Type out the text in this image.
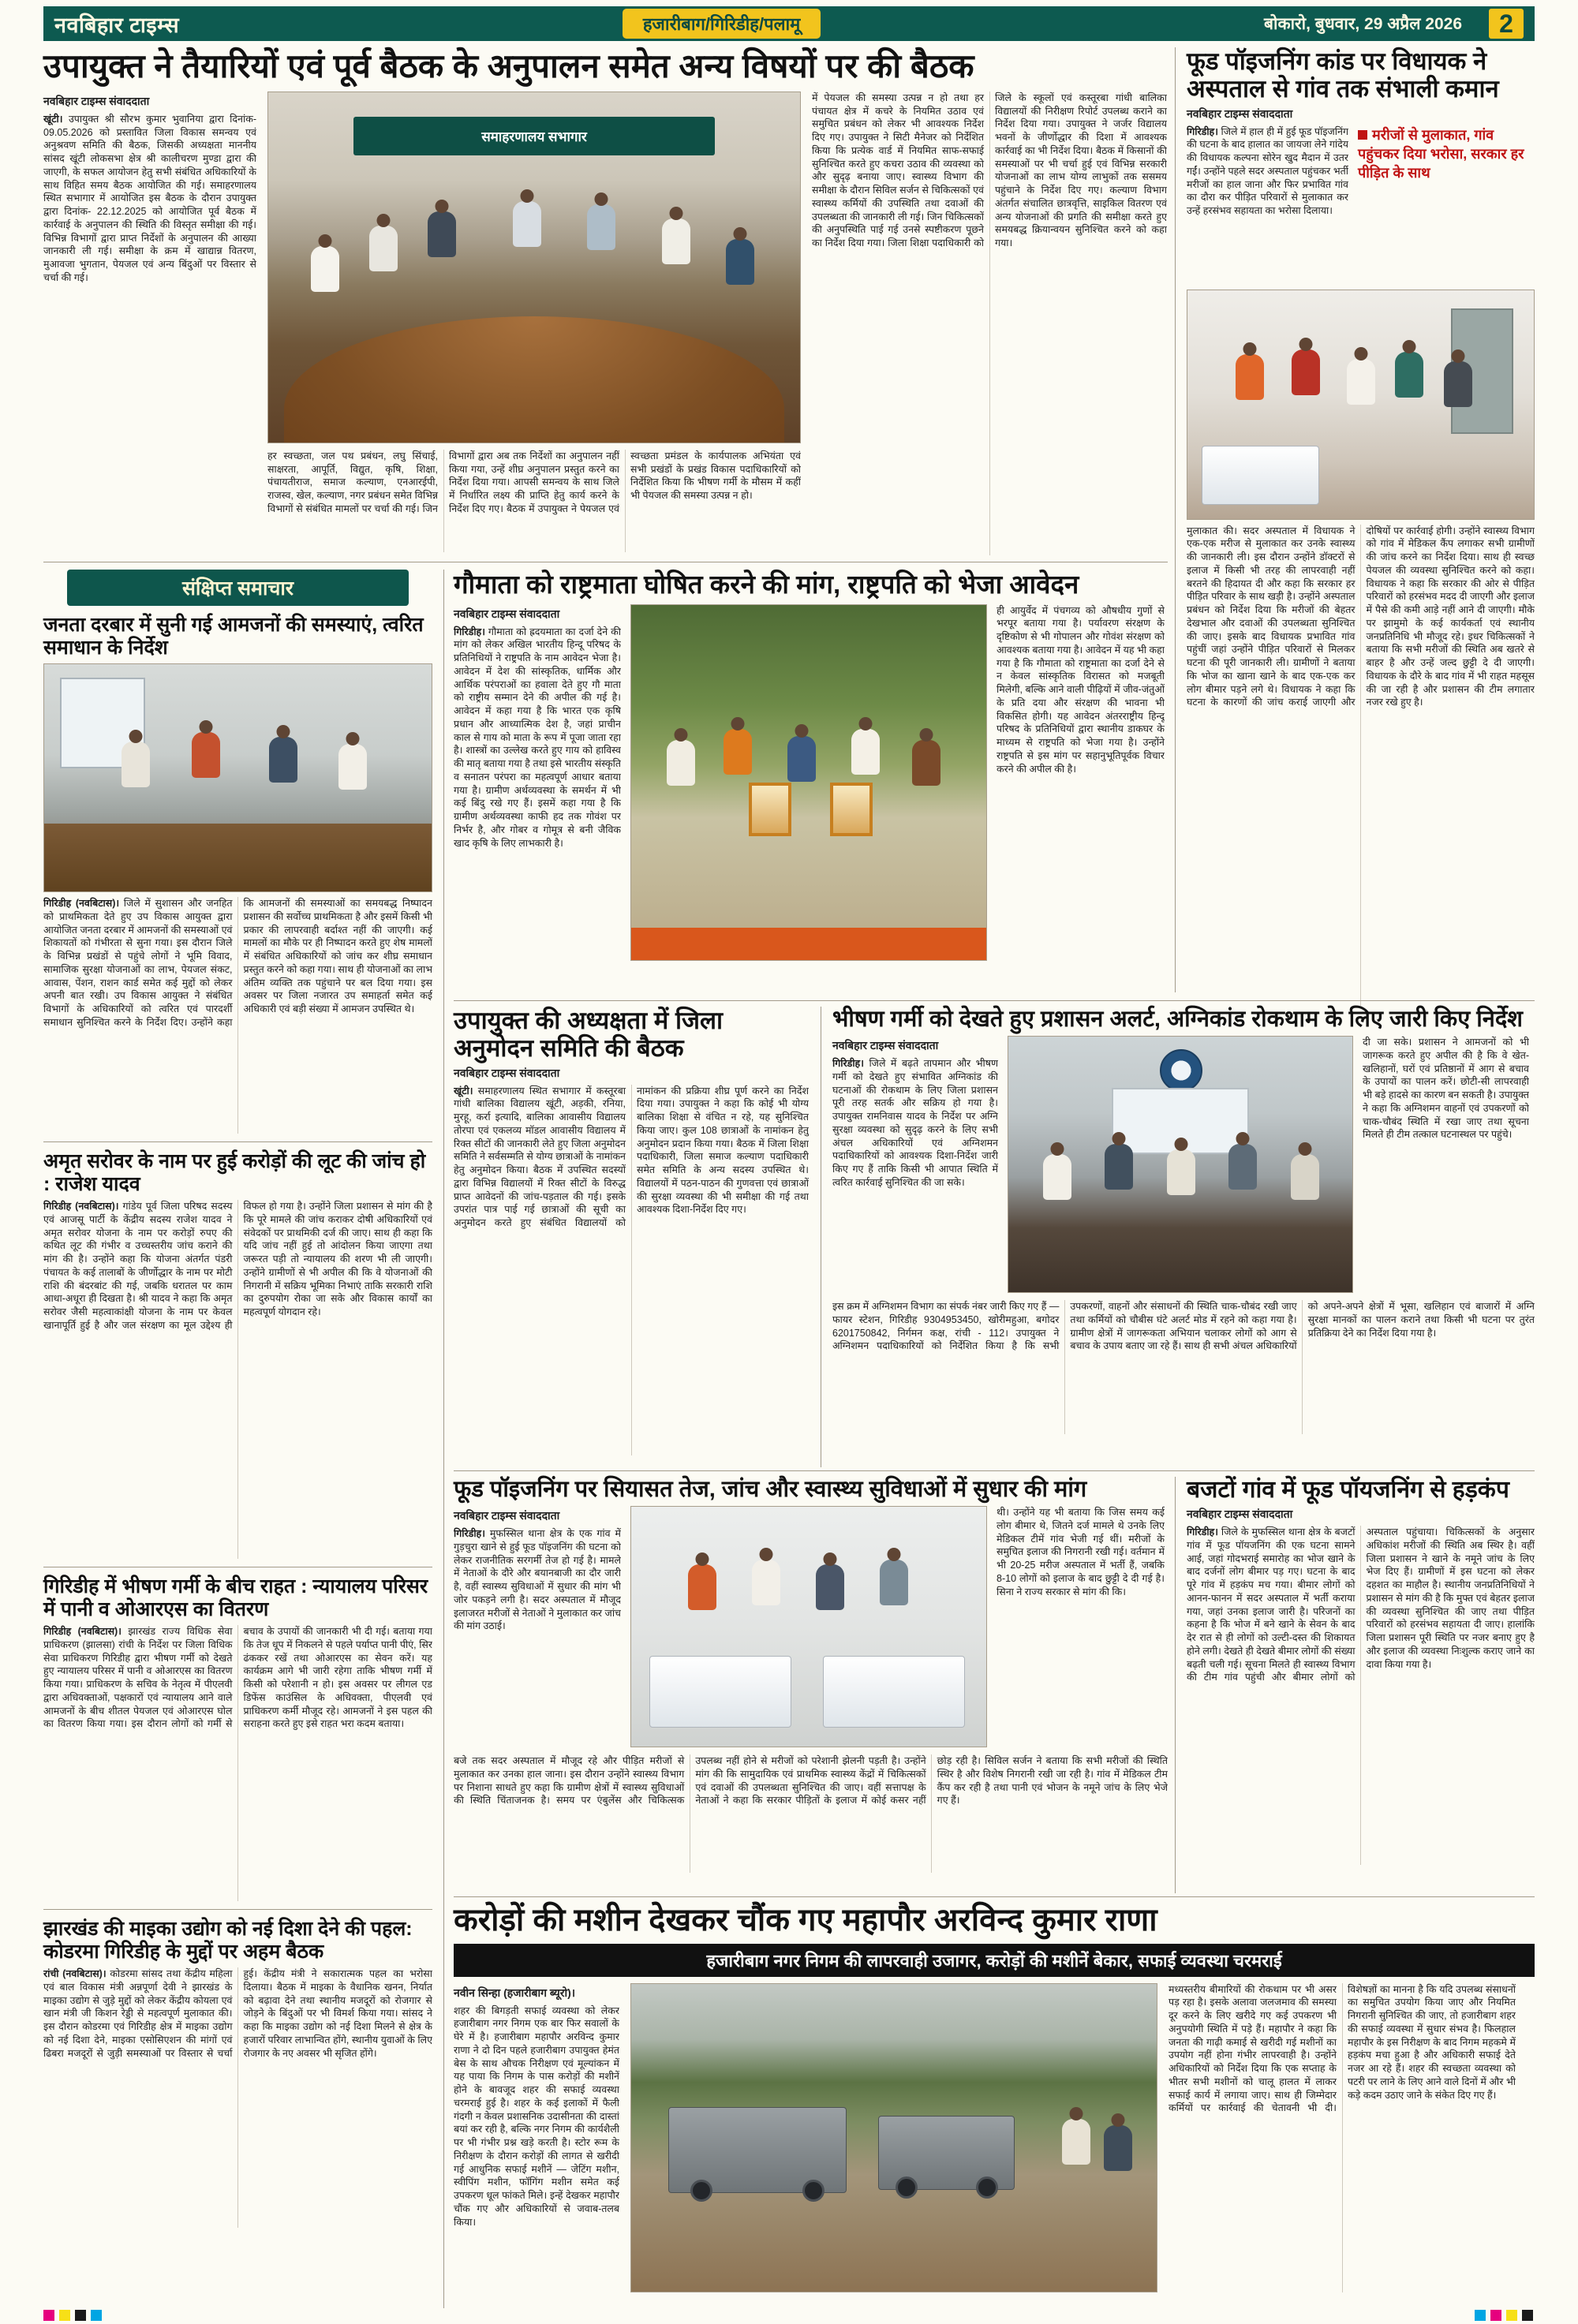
नवबिहार टाइम्स	हजारीबाग/गिरिडीह/पलामू	बोकारो, बुधवार, 29 अप्रैल 2026	2
उपायुक्त ने तैयारियों एवं पूर्व बैठक के अनुपालन समेत अन्य विषयों पर की बैठक
नवबिहार टाइम्स संवाददाता

खूंटी। उपायुक्त श्री सौरभ कुमार भुवानिया द्वारा दिनांक- 09.05.2026 को प्रस्तावित जिला विकास समन्वय एवं अनुश्रवण समिति की बैठक, जिसकी अध्यक्षता माननीय सांसद खूंटी लोकसभा क्षेत्र श्री कालीचरण मुण्डा द्वारा की जाएगी, के सफल आयोजन हेतु सभी संबंधित अधिकारियों के साथ विहित समय बैठक आयोजित की गई। समाहरणालय स्थित सभागार में आयोजित इस बैठक के दौरान उपायुक्त द्वारा दिनांक- 22.12.2025 को आयोजित पूर्व बैठक में कार्रवाई के अनुपालन की स्थिति की विस्तृत समीक्षा की गई। विभिन्न विभागों द्वारा प्राप्त निर्देशों के अनुपालन की आख्या जानकारी ली गई। समीक्षा के क्रम में खाद्यान्न वितरण, मुआवजा भुगतान, पेयजल एवं अन्य बिंदुओं पर विस्तार से चर्चा की गई।

समाहरणालय सभागार

हर स्वच्छता, जल पथ प्रबंधन, लघु सिंचाई, साक्षरता, आपूर्ति, विद्युत, कृषि, शिक्षा, पंचायतीराज, समाज कल्याण, एनआरईपी, राजस्व, खेल, कल्याण, नगर प्रबंधन समेत विभिन्न विभागों से संबंधित मामलों पर चर्चा की गई। जिन विभागों द्वारा अब तक निर्देशों का अनुपालन नहीं किया गया, उन्हें शीघ्र अनुपालन प्रस्तुत करने का निर्देश दिया गया। आपसी समन्वय के साथ जिले में निर्धारित लक्ष्य की प्राप्ति हेतु कार्य करने के निर्देश दिए गए। बैठक में उपायुक्त ने पेयजल एवं स्वच्छता प्रमंडल के कार्यपालक अभियंता एवं सभी प्रखंडों के प्रखंड विकास पदाधिकारियों को निर्देशित किया कि भीषण गर्मी के मौसम में कहीं भी पेयजल की समस्या उत्पन्न न हो।

में पेयजल की समस्या उत्पन्न न हो तथा हर पंचायत क्षेत्र में कचरे के नियमित उठाव एवं समुचित प्रबंधन को लेकर भी आवश्यक निर्देश दिए गए। उपायुक्त ने सिटी मैनेजर को निर्देशित किया कि प्रत्येक वार्ड में नियमित साफ-सफाई सुनिश्चित करते हुए कचरा उठाव की व्यवस्था को और सुदृढ़ बनाया जाए। स्वास्थ्य विभाग की समीक्षा के दौरान सिविल सर्जन से चिकित्सकों एवं स्वास्थ्य कर्मियों की उपस्थिति तथा दवाओं की उपलब्धता की जानकारी ली गई। जिन चिकित्सकों की अनुपस्थिति पाई गई उनसे स्पष्टीकरण पूछने का निर्देश दिया गया। जिला शिक्षा पदाधिकारी को जिले के स्कूलों एवं कस्तूरबा गांधी बालिका विद्यालयों की निरीक्षण रिपोर्ट उपलब्ध कराने का निर्देश दिया गया। उपायुक्त ने जर्जर विद्यालय भवनों के जीर्णोद्धार की दिशा में आवश्यक कार्रवाई का भी निर्देश दिया। बैठक में किसानों की समस्याओं पर भी चर्चा हुई एवं विभिन्न सरकारी योजनाओं का लाभ योग्य लाभुकों तक ससमय पहुंचाने के निर्देश दिए गए। कल्याण विभाग अंतर्गत संचालित छात्रवृत्ति, साइकिल वितरण एवं अन्य योजनाओं की प्रगति की समीक्षा करते हुए समयबद्ध क्रियान्वयन सुनिश्चित करने को कहा गया।

फूड पॉइजनिंग कांड पर विधायक ने अस्पताल से गांव तक संभाली कमान
नवबिहार टाइम्स संवाददाता

गिरिडीह। जिले में हाल ही में हुई फूड पॉइजनिंग की घटना के बाद हालात का जायजा लेने गांदेय की विधायक कल्पना सोरेन खुद मैदान में उतर गईं। उन्होंने पहले सदर अस्पताल पहुंचकर भर्ती मरीजों का हाल जाना और फिर प्रभावित गांव का दौरा कर पीड़ित परिवारों से मुलाकात कर उन्हें हरसंभव सहायता का भरोसा दिलाया।

मरीजों से मुलाकात, गांव पहुंचकर दिया भरोसा, सरकार हर पीड़ित के साथ

मुलाकात की। सदर अस्पताल में विधायक ने एक-एक मरीज से मुलाकात कर उनके स्वास्थ्य की जानकारी ली। इस दौरान उन्होंने डॉक्टरों से इलाज में किसी भी तरह की लापरवाही नहीं बरतने की हिदायत दी और कहा कि सरकार हर पीड़ित परिवार के साथ खड़ी है। उन्होंने अस्पताल प्रबंधन को निर्देश दिया कि मरीजों की बेहतर देखभाल और दवाओं की उपलब्धता सुनिश्चित की जाए। इसके बाद विधायक प्रभावित गांव पहुंचीं जहां उन्होंने पीड़ित परिवारों से मिलकर घटना की पूरी जानकारी ली। ग्रामीणों ने बताया कि भोज का खाना खाने के बाद एक-एक कर लोग बीमार पड़ने लगे थे। विधायक ने कहा कि घटना के कारणों की जांच कराई जाएगी और दोषियों पर कार्रवाई होगी। उन्होंने स्वास्थ्य विभाग को गांव में मेडिकल कैंप लगाकर सभी ग्रामीणों की जांच करने का निर्देश दिया। साथ ही स्वच्छ पेयजल की व्यवस्था सुनिश्चित करने को कहा। विधायक ने कहा कि सरकार की ओर से पीड़ित परिवारों को हरसंभव मदद दी जाएगी और इलाज में पैसे की कमी आड़े नहीं आने दी जाएगी। मौके पर झामुमो के कई कार्यकर्ता एवं स्थानीय जनप्रतिनिधि भी मौजूद रहे। इधर चिकित्सकों ने बताया कि सभी मरीजों की स्थिति अब खतरे से बाहर है और उन्हें जल्द छुट्टी दे दी जाएगी। विधायक के दौरे के बाद गांव में भी राहत महसूस की जा रही है और प्रशासन की टीम लगातार नजर रखे हुए है।

संक्षिप्त समाचार
जनता दरबार में सुनी गई आमजनों की समस्याएं, त्वरित समाधान के निर्देश

गिरिडीह (नवबिटास)। जिले में सुशासन और जनहित को प्राथमिकता देते हुए उप विकास आयुक्त द्वारा आयोजित जनता दरबार में आमजनों की समस्याओं एवं शिकायतों को गंभीरता से सुना गया। इस दौरान जिले के विभिन्न प्रखंडों से पहुंचे लोगों ने भूमि विवाद, सामाजिक सुरक्षा योजनाओं का लाभ, पेयजल संकट, आवास, पेंशन, राशन कार्ड समेत कई मुद्दों को लेकर अपनी बात रखी। उप विकास आयुक्त ने संबंधित विभागों के अधिकारियों को त्वरित एवं पारदर्शी समाधान सुनिश्चित करने के निर्देश दिए। उन्होंने कहा कि आमजनों की समस्याओं का समयबद्ध निष्पादन प्रशासन की सर्वोच्च प्राथमिकता है और इसमें किसी भी प्रकार की लापरवाही बर्दाश्त नहीं की जाएगी। कई मामलों का मौके पर ही निष्पादन करते हुए शेष मामलों में संबंधित अधिकारियों को जांच कर शीघ्र समाधान प्रस्तुत करने को कहा गया। साथ ही योजनाओं का लाभ अंतिम व्यक्ति तक पहुंचाने पर बल दिया गया। इस अवसर पर जिला नजारत उप समाहर्ता समेत कई अधिकारी एवं बड़ी संख्या में आमजन उपस्थित थे।

अमृत सरोवर के नाम पर हुई करोड़ों की लूट की जांच हो : राजेश यादव

गिरिडीह (नवबिटास)। गांडेय पूर्व जिला परिषद सदस्य एवं आजसू पार्टी के केंद्रीय सदस्य राजेश यादव ने अमृत सरोवर योजना के नाम पर करोड़ों रुपए की कथित लूट की गंभीर व उच्चस्तरीय जांच कराने की मांग की है। उन्होंने कहा कि योजना अंतर्गत पंडरी पंचायत के कई तालाबों के जीर्णोद्धार के नाम पर मोटी राशि की बंदरबांट की गई, जबकि धरातल पर काम आधा-अधूरा ही दिखता है। श्री यादव ने कहा कि अमृत सरोवर जैसी महत्वाकांक्षी योजना के नाम पर केवल खानापूर्ति हुई है और जल संरक्षण का मूल उद्देश्य ही विफल हो गया है। उन्होंने जिला प्रशासन से मांग की है कि पूरे मामले की जांच कराकर दोषी अधिकारियों एवं संवेदकों पर प्राथमिकी दर्ज की जाए। साथ ही कहा कि यदि जांच नहीं हुई तो आंदोलन किया जाएगा तथा जरूरत पड़ी तो न्यायालय की शरण भी ली जाएगी। उन्होंने ग्रामीणों से भी अपील की कि वे योजनाओं की निगरानी में सक्रिय भूमिका निभाएं ताकि सरकारी राशि का दुरुपयोग रोका जा सके और विकास कार्यों का महत्वपूर्ण योगदान रहे।

गिरिडीह में भीषण गर्मी के बीच राहत : न्यायालय परिसर में पानी व ओआरएस का वितरण

गिरिडीह (नवबिटास)। झारखंड राज्य विधिक सेवा प्राधिकरण (झालसा) रांची के निर्देश पर जिला विधिक सेवा प्राधिकरण गिरिडीह द्वारा भीषण गर्मी को देखते हुए न्यायालय परिसर में पानी व ओआरएस का वितरण किया गया। प्राधिकरण के सचिव के नेतृत्व में पीएलवी द्वारा अधिवक्ताओं, पक्षकारों एवं न्यायालय आने वाले आमजनों के बीच शीतल पेयजल एवं ओआरएस घोल का वितरण किया गया। इस दौरान लोगों को गर्मी से बचाव के उपायों की जानकारी भी दी गई। बताया गया कि तेज धूप में निकलने से पहले पर्याप्त पानी पीएं, सिर ढंककर रखें तथा ओआरएस का सेवन करें। यह कार्यक्रम आगे भी जारी रहेगा ताकि भीषण गर्मी में किसी को परेशानी न हो। इस अवसर पर लीगल एड डिफेंस काउंसिल के अधिवक्ता, पीएलवी एवं प्राधिकरण कर्मी मौजूद रहे। आमजनों ने इस पहल की सराहना करते हुए इसे राहत भरा कदम बताया।

झारखंड की माइका उद्योग को नई दिशा देने की पहल: कोडरमा गिरिडीह के मुद्दों पर अहम बैठक

रांची (नवबिटास)। कोडरमा सांसद तथा केंद्रीय महिला एवं बाल विकास मंत्री अन्नपूर्णा देवी ने झारखंड के माइका उद्योग से जुड़े मुद्दों को लेकर केंद्रीय कोयला एवं खान मंत्री जी किशन रेड्डी से महत्वपूर्ण मुलाकात की। इस दौरान कोडरमा एवं गिरिडीह क्षेत्र में माइका उद्योग को नई दिशा देने, माइका एसोसिएशन की मांगों एवं ढिबरा मजदूरों से जुड़ी समस्याओं पर विस्तार से चर्चा हुई। केंद्रीय मंत्री ने सकारात्मक पहल का भरोसा दिलाया। बैठक में माइका के वैधानिक खनन, निर्यात को बढ़ावा देने तथा स्थानीय मजदूरों को रोजगार से जोड़ने के बिंदुओं पर भी विमर्श किया गया। सांसद ने कहा कि माइका उद्योग को नई दिशा मिलने से क्षेत्र के हजारों परिवार लाभान्वित होंगे, स्थानीय युवाओं के लिए रोजगार के नए अवसर भी सृजित होंगे।

गौमाता को राष्ट्रमाता घोषित करने की मांग, राष्ट्रपति को भेजा आवेदन
नवबिहार टाइम्स संवाददाता

गिरिडीह। गौमाता को ह्रदयमाता का दर्जा देने की मांग को लेकर अखिल भारतीय हिन्दू परिषद के प्रतिनिधियों ने राष्ट्रपति के नाम आवेदन भेजा है। आवेदन में देश की सांस्कृतिक, धार्मिक और आर्थिक परंपराओं का हवाला देते हुए गौ माता को राष्ट्रीय सम्मान देने की अपील की गई है। आवेदन में कहा गया है कि भारत एक कृषि प्रधान और आध्यात्मिक देश है, जहां प्राचीन काल से गाय को माता के रूप में पूजा जाता रहा है। शास्त्रों का उल्लेख करते हुए गाय को हाविस्व की मातृ बताया गया है तथा इसे भारतीय संस्कृति व सनातन परंपरा का महत्वपूर्ण आधार बताया गया है। ग्रामीण अर्थव्यवस्था के समर्थन में भी कई बिंदु रखे गए हैं। इसमें कहा गया है कि ग्रामीण अर्थव्यवस्था काफी हद तक गोवंश पर निर्भर है, और गोबर व गोमूत्र से बनी जैविक खाद कृषि के लिए लाभकारी है।

ही आयुर्वेद में पंचगव्य को औषधीय गुणों से भरपूर बताया गया है। पर्यावरण संरक्षण के दृष्टिकोण से भी गोपालन और गोवंश संरक्षण को आवश्यक बताया गया है। आवेदन में यह भी कहा गया है कि गौमाता को राष्ट्रमाता का दर्जा देने से न केवल सांस्कृतिक विरासत को मजबूती मिलेगी, बल्कि आने वाली पीढ़ियों में जीव-जंतुओं के प्रति दया और संरक्षण की भावना भी विकसित होगी। यह आवेदन अंतरराष्ट्रीय हिन्दू परिषद के प्रतिनिधियों द्वारा स्थानीय डाकघर के माध्यम से राष्ट्रपति को भेजा गया है। उन्होंने राष्ट्रपति से इस मांग पर सहानुभूतिपूर्वक विचार करने की अपील की है।

उपायुक्त की अध्यक्षता में जिला अनुमोदन समिति की बैठक
नवबिहार टाइम्स संवाददाता

खूंटी। समाहरणालय स्थित सभागार में कस्तूरबा गांधी बालिका विद्यालय खूंटी, अड़की, रनिया, मुरहू, कर्रा इत्यादि, बालिका आवासीय विद्यालय तोरपा एवं एकलव्य मॉडल आवासीय विद्यालय में रिक्त सीटों की जानकारी लेते हुए जिला अनुमोदन समिति ने सर्वसम्मति से योग्य छात्राओं के नामांकन हेतु अनुमोदन किया। बैठक में उपस्थित सदस्यों द्वारा विभिन्न विद्यालयों में रिक्त सीटों के विरुद्ध प्राप्त आवेदनों की जांच-पड़ताल की गई। इसके उपरांत पात्र पाई गई छात्राओं की सूची का अनुमोदन करते हुए संबंधित विद्यालयों को नामांकन की प्रक्रिया शीघ्र पूर्ण करने का निर्देश दिया गया। उपायुक्त ने कहा कि कोई भी योग्य बालिका शिक्षा से वंचित न रहे, यह सुनिश्चित किया जाए। कुल 108 छात्राओं के नामांकन हेतु अनुमोदन प्रदान किया गया। बैठक में जिला शिक्षा पदाधिकारी, जिला समाज कल्याण पदाधिकारी समेत समिति के अन्य सदस्य उपस्थित थे। विद्यालयों में पठन-पाठन की गुणवत्ता एवं छात्राओं की सुरक्षा व्यवस्था की भी समीक्षा की गई तथा आवश्यक दिशा-निर्देश दिए गए।

भीषण गर्मी को देखते हुए प्रशासन अलर्ट, अग्निकांड रोकथाम के लिए जारी किए निर्देश
नवबिहार टाइम्स संवाददाता

गिरिडीह। जिले में बढ़ते तापमान और भीषण गर्मी को देखते हुए संभावित अग्निकांड की घटनाओं की रोकथाम के लिए जिला प्रशासन पूरी तरह सतर्क और सक्रिय हो गया है। उपायुक्त रामनिवास यादव के निर्देश पर अग्नि सुरक्षा व्यवस्था को सुदृढ़ करने के लिए सभी अंचल अधिकारियों एवं अग्निशमन पदाधिकारियों को आवश्यक दिशा-निर्देश जारी किए गए हैं ताकि किसी भी आपात स्थिति में त्वरित कार्रवाई सुनिश्चित की जा सके।

दी जा सके। प्रशासन ने आमजनों को भी जागरूक करते हुए अपील की है कि वे खेत-खलिहानों, घरों एवं प्रतिष्ठानों में आग से बचाव के उपायों का पालन करें। छोटी-सी लापरवाही भी बड़े हादसे का कारण बन सकती है। उपायुक्त ने कहा कि अग्निशमन वाहनों एवं उपकरणों को चाक-चौबंद स्थिति में रखा जाए तथा सूचना मिलते ही टीम तत्काल घटनास्थल पर पहुंचे।

इस क्रम में अग्निशमन विभाग का संपर्क नंबर जारी किए गए हैं — फायर स्टेशन, गिरिडीह 9304953450, खोरीमहुआ, बगोदर 6201750842, निर्गमन कक्ष, रांची - 112। उपायुक्त ने अग्निशमन पदाधिकारियों को निर्देशित किया है कि सभी उपकरणों, वाहनों और संसाधनों की स्थिति चाक-चौबंद रखी जाए तथा कर्मियों को चौबीस घंटे अलर्ट मोड में रहने को कहा गया है। ग्रामीण क्षेत्रों में जागरूकता अभियान चलाकर लोगों को आग से बचाव के उपाय बताए जा रहे हैं। साथ ही सभी अंचल अधिकारियों को अपने-अपने क्षेत्रों में भूसा, खलिहान एवं बाजारों में अग्नि सुरक्षा मानकों का पालन कराने तथा किसी भी घटना पर तुरंत प्रतिक्रिया देने का निर्देश दिया गया है।

फूड पॉइजनिंग पर सियासत तेज, जांच और स्वास्थ्य सुविधाओं में सुधार की मांग
नवबिहार टाइम्स संवाददाता

गिरिडीह। मुफस्सिल थाना क्षेत्र के एक गांव में गुड़चुरा खाने से हुई फूड पॉइजनिंग की घटना को लेकर राजनीतिक सरगर्मी तेज हो गई है। मामले में नेताओं के दौरे और बयानबाजी का दौर जारी है, वहीं स्वास्थ्य सुविधाओं में सुधार की मांग भी जोर पकड़ने लगी है। सदर अस्पताल में मौजूद इलाजरत मरीजों से नेताओं ने मुलाकात कर जांच की मांग उठाई।

थी। उन्होंने यह भी बताया कि जिस समय कई लोग बीमार थे, जितने दर्ज मामले थे उनके लिए मेडिकल टीमें गांव भेजी गई थीं। मरीजों के समुचित इलाज की निगरानी रखी गई। वर्तमान में भी 20-25 मरीज अस्पताल में भर्ती हैं, जबकि 8-10 लोगों को इलाज के बाद छुट्टी दे दी गई है। सिना ने राज्य सरकार से मांग की कि।

बजे तक सदर अस्पताल में मौजूद रहे और पीड़ित मरीजों से मुलाकात कर उनका हाल जाना। इस दौरान उन्होंने स्वास्थ्य विभाग पर निशाना साधते हुए कहा कि ग्रामीण क्षेत्रों में स्वास्थ्य सुविधाओं की स्थिति चिंताजनक है। समय पर एंबुलेंस और चिकित्सक उपलब्ध नहीं होने से मरीजों को परेशानी झेलनी पड़ती है। उन्होंने मांग की कि सामुदायिक एवं प्राथमिक स्वास्थ्य केंद्रों में चिकित्सकों एवं दवाओं की उपलब्धता सुनिश्चित की जाए। वहीं सत्तापक्ष के नेताओं ने कहा कि सरकार पीड़ितों के इलाज में कोई कसर नहीं छोड़ रही है। सिविल सर्जन ने बताया कि सभी मरीजों की स्थिति स्थिर है और विशेष निगरानी रखी जा रही है। गांव में मेडिकल टीम कैंप कर रही है तथा पानी एवं भोजन के नमूने जांच के लिए भेजे गए हैं।

बजटों गांव में फूड पॉयजनिंग से हड़कंप
नवबिहार टाइम्स संवाददाता

गिरिडीह। जिले के मुफस्सिल थाना क्षेत्र के बजटों गांव में फूड पॉयजनिंग की एक घटना सामने आई, जहां गोदभराई समारोह का भोज खाने के बाद दर्जनों लोग बीमार पड़ गए। घटना के बाद पूरे गांव में हड़कंप मच गया। बीमार लोगों को आनन-फानन में सदर अस्पताल में भर्ती कराया गया, जहां उनका इलाज जारी है। परिजनों का कहना है कि भोज में बने खाने के सेवन के बाद देर रात से ही लोगों को उल्टी-दस्त की शिकायत होने लगी। देखते ही देखते बीमार लोगों की संख्या बढ़ती चली गई। सूचना मिलते ही स्वास्थ्य विभाग की टीम गांव पहुंची और बीमार लोगों को अस्पताल पहुंचाया। चिकित्सकों के अनुसार अधिकांश मरीजों की स्थिति अब स्थिर है। वहीं जिला प्रशासन ने खाने के नमूने जांच के लिए भेज दिए हैं। ग्रामीणों में इस घटना को लेकर दहशत का माहौल है। स्थानीय जनप्रतिनिधियों ने प्रशासन से मांग की है कि मुफ्त एवं बेहतर इलाज की व्यवस्था सुनिश्चित की जाए तथा पीड़ित परिवारों को हरसंभव सहायता दी जाए। हालांकि जिला प्रशासन पूरी स्थिति पर नजर बनाए हुए है और इलाज की व्यवस्था निःशुल्क कराए जाने का दावा किया गया है।

करोड़ों की मशीन देखकर चौंक गए महापौर अरविन्द कुमार राणा
हजारीबाग नगर निगम की लापरवाही उजागर, करोड़ों की मशीनें बेकार, सफाई व्यवस्था चरमराई
नवीन सिन्हा (हजारीबाग ब्यूरो)।

शहर की बिगड़ती सफाई व्यवस्था को लेकर हजारीबाग नगर निगम एक बार फिर सवालों के घेरे में है। हजारीबाग महापौर अरविन्द कुमार राणा ने दो दिन पहले हजारीबाग उपायुक्त हेमंत बेस के साथ औचक निरीक्षण एवं मूल्यांकन में यह पाया कि निगम के पास करोड़ों की मशीनें होने के बावजूद शहर की सफाई व्यवस्था चरमराई हुई है। शहर के कई इलाकों में फैली गंदगी न केवल प्रशासनिक उदासीनता की दास्तां बयां कर रही है, बल्कि नगर निगम की कार्यशैली पर भी गंभीर प्रश्न खड़े करती है। स्टोर रूम के निरीक्षण के दौरान करोड़ों की लागत से खरीदी गई आधुनिक सफाई मशीनें — जेटिंग मशीन, स्वीपिंग मशीन, फॉगिंग मशीन समेत कई उपकरण धूल फांकते मिले। इन्हें देखकर महापौर चौंक गए और अधिकारियों से जवाब-तलब किया।

मध्यस्तरीय बीमारियों की रोकथाम पर भी असर पड़ रहा है। इसके अलावा जलजमाव की समस्या दूर करने के लिए खरीदे गए कई उपकरण भी अनुपयोगी स्थिति में पड़े हैं। महापौर ने कहा कि जनता की गाढ़ी कमाई से खरीदी गई मशीनों का उपयोग नहीं होना गंभीर लापरवाही है। उन्होंने अधिकारियों को निर्देश दिया कि एक सप्ताह के भीतर सभी मशीनों को चालू हालत में लाकर सफाई कार्य में लगाया जाए। साथ ही जिम्मेदार कर्मियों पर कार्रवाई की चेतावनी भी दी। विशेषज्ञों का मानना है कि यदि उपलब्ध संसाधनों का समुचित उपयोग किया जाए और नियमित निगरानी सुनिश्चित की जाए, तो हजारीबाग शहर की सफाई व्यवस्था में सुधार संभव है। फिलहाल महापौर के इस निरीक्षण के बाद निगम महकमे में हड़कंप मचा हुआ है और अधिकारी सफाई देते नजर आ रहे हैं। शहर की स्वच्छता व्यवस्था को पटरी पर लाने के लिए आने वाले दिनों में और भी कड़े कदम उठाए जाने के संकेत दिए गए हैं।
